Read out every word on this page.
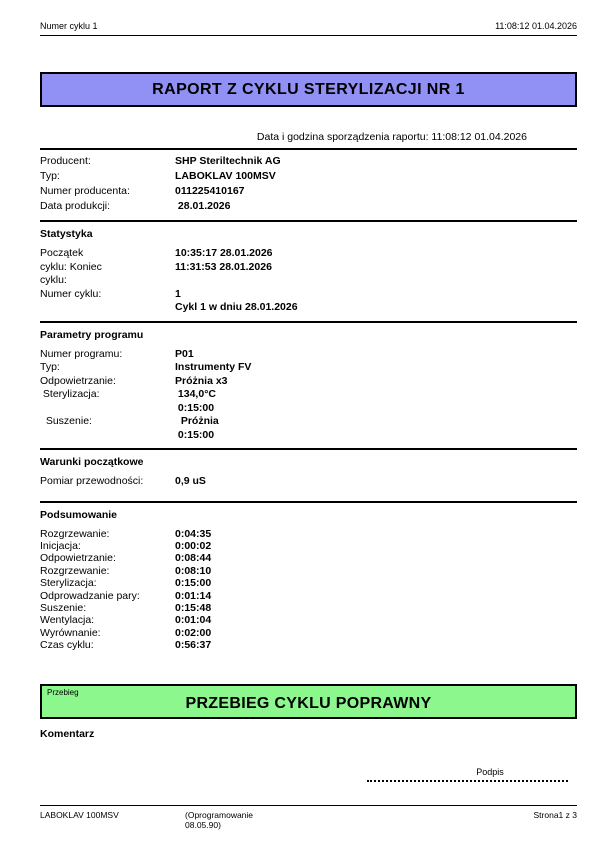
Numer cyklu 1	11:08:12 01.04.2026
RAPORT Z CYKLU STERYLIZACJI NR 1
Data i godzina sporządzenia raportu: 11:08:12 01.04.2026
Producent:	SHP Steriltechnik AG
Typ:	LABOKLAV 100MSV
Numer producenta:	011225410167
Data produkcji:	28.01.2026
Statystyka
Początek	10:35:17 28.01.2026
cyklu: Koniec	11:31:53 28.01.2026
cyklu:
Numer cyklu:	1
Cykl 1 w dniu 28.01.2026
Parametry programu
Numer programu:	P01
Typ:	Instrumenty FV
Odpowietrzanie:	Próżnia x3
Sterylizacja:	134,0°C
0:15:00
Suszenie:	Próżnia
0:15:00
Warunki początkowe
Pomiar przewodności:	0,9 uS
Podsumowanie
Rozgrzewanie:	0:04:35
Inicjacja:	0:00:02
Odpowietrzanie:	0:08:44
Rozgrzewanie:	0:08:10
Sterylizacja:	0:15:00
Odprowadzanie pary:	0:01:14
Suszenie:	0:15:48
Wentylacja:	0:01:04
Wyrównanie:	0:02:00
Czas cyklu:	0:56:37
Przebieg
PRZEBIEG CYKLU POPRAWNY
Komentarz
Podpis
LABOKLAV 100MSV	(Oprogramowanie
08.05.90)
Strona1 z 3
